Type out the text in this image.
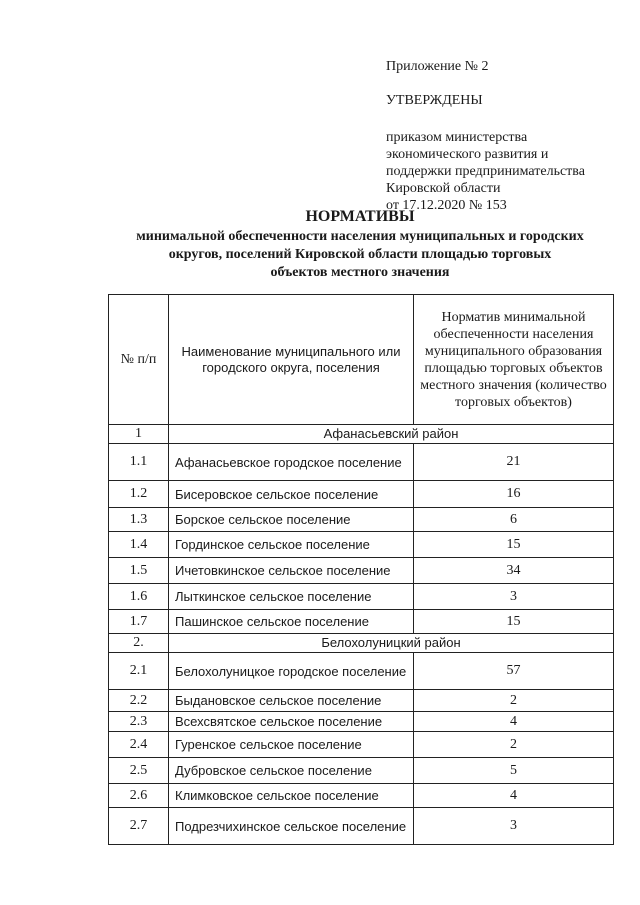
Приложение № 2
УТВЕРЖДЕНЫ
приказом министерства
экономического развития и
поддержки предпринимательства
Кировской области
от 17.12.2020 № 153
НОРМАТИВЫ
минимальной обеспеченности населения муниципальных и городских
округов, поселений Кировской области площадью торговых
объектов местного значения
№ п/п	Наименование муниципального или городского округа, поселения	Норматив минимальной обеспеченности населения муниципального образования площадью торговых объектов местного значения (количество торговых объектов)
1	Афанасьевский район	
1.1	Афанасьевское городское поселение	21
1.2	Бисеровское сельское поселение	16
1.3	Борское сельское поселение	6
1.4	Гординское сельское поселение	15
1.5	Ичетовкинское сельское поселение	34
1.6	Лыткинское сельское поселение	3
1.7	Пашинское сельское поселение	15
2.	Белохолуницкий район	
2.1	Белохолуницкое городское поселение	57
2.2	Быдановское сельское поселение	2
2.3	Всехсвятское сельское поселение	4
2.4	Гуренское сельское поселение	2
2.5	Дубровское сельское поселение	5
2.6	Климковское сельское поселение	4
2.7	Подрезчихинское сельское поселение	3
